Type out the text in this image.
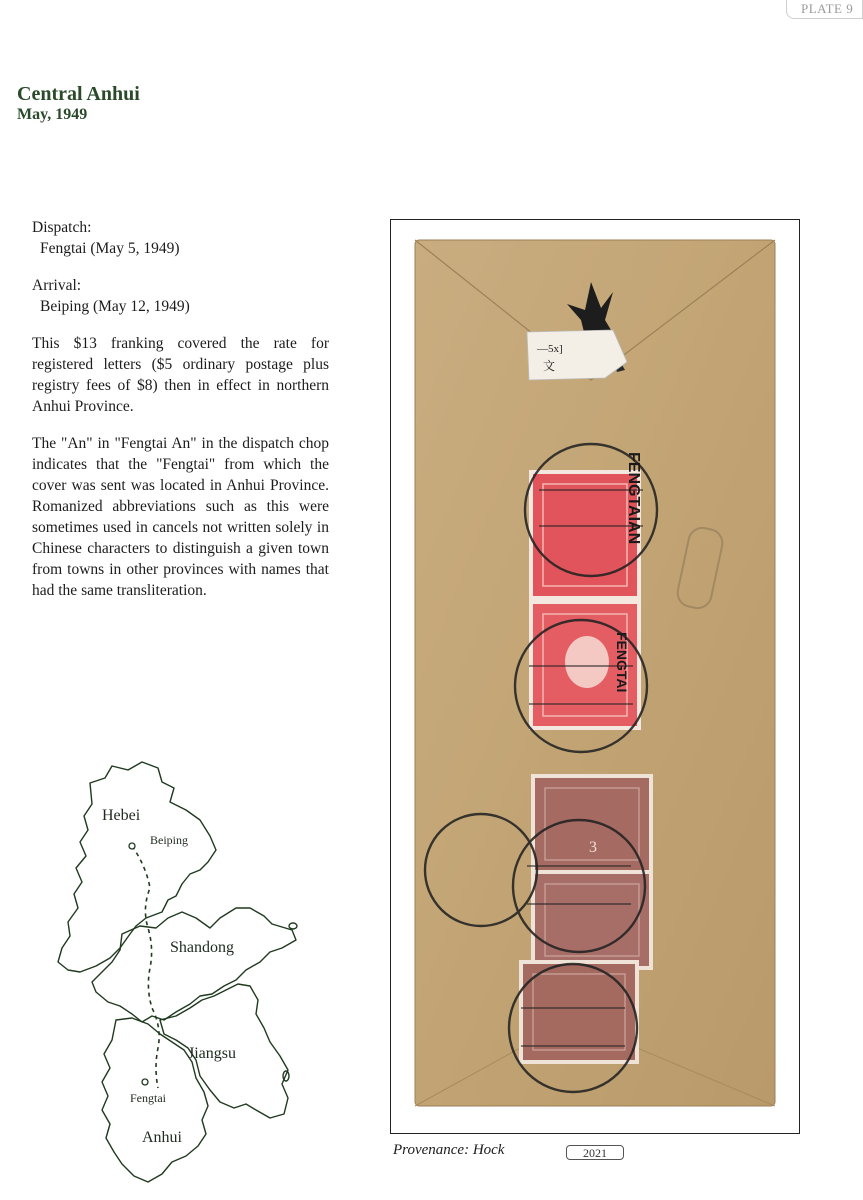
PLATE 9
Central Anhui
May, 1949
Dispatch:
Fengtai (May 5, 1949)
Arrival:
Beiping (May 12, 1949)

This $13 franking covered the rate for registered letters ($5 ordinary postage plus registry fees of $8) then in effect in northern Anhui Province.

The "An" in "Fengtai An" in the dispatch chop indicates that the "Fengtai" from which the cover was sent was located in Anhui Province. Romanized abbreviations such as this were sometimes used in cancels not written solely in Chinese characters to distinguish a given town from towns in other provinces with names that had the same transliteration.

Hebei
Beiping
Shandong
Jiangsu
Fengtai
Anhui
—5x]
文
3
FENGTAIAN
FENGTAI
Provenance: Hock	2021
